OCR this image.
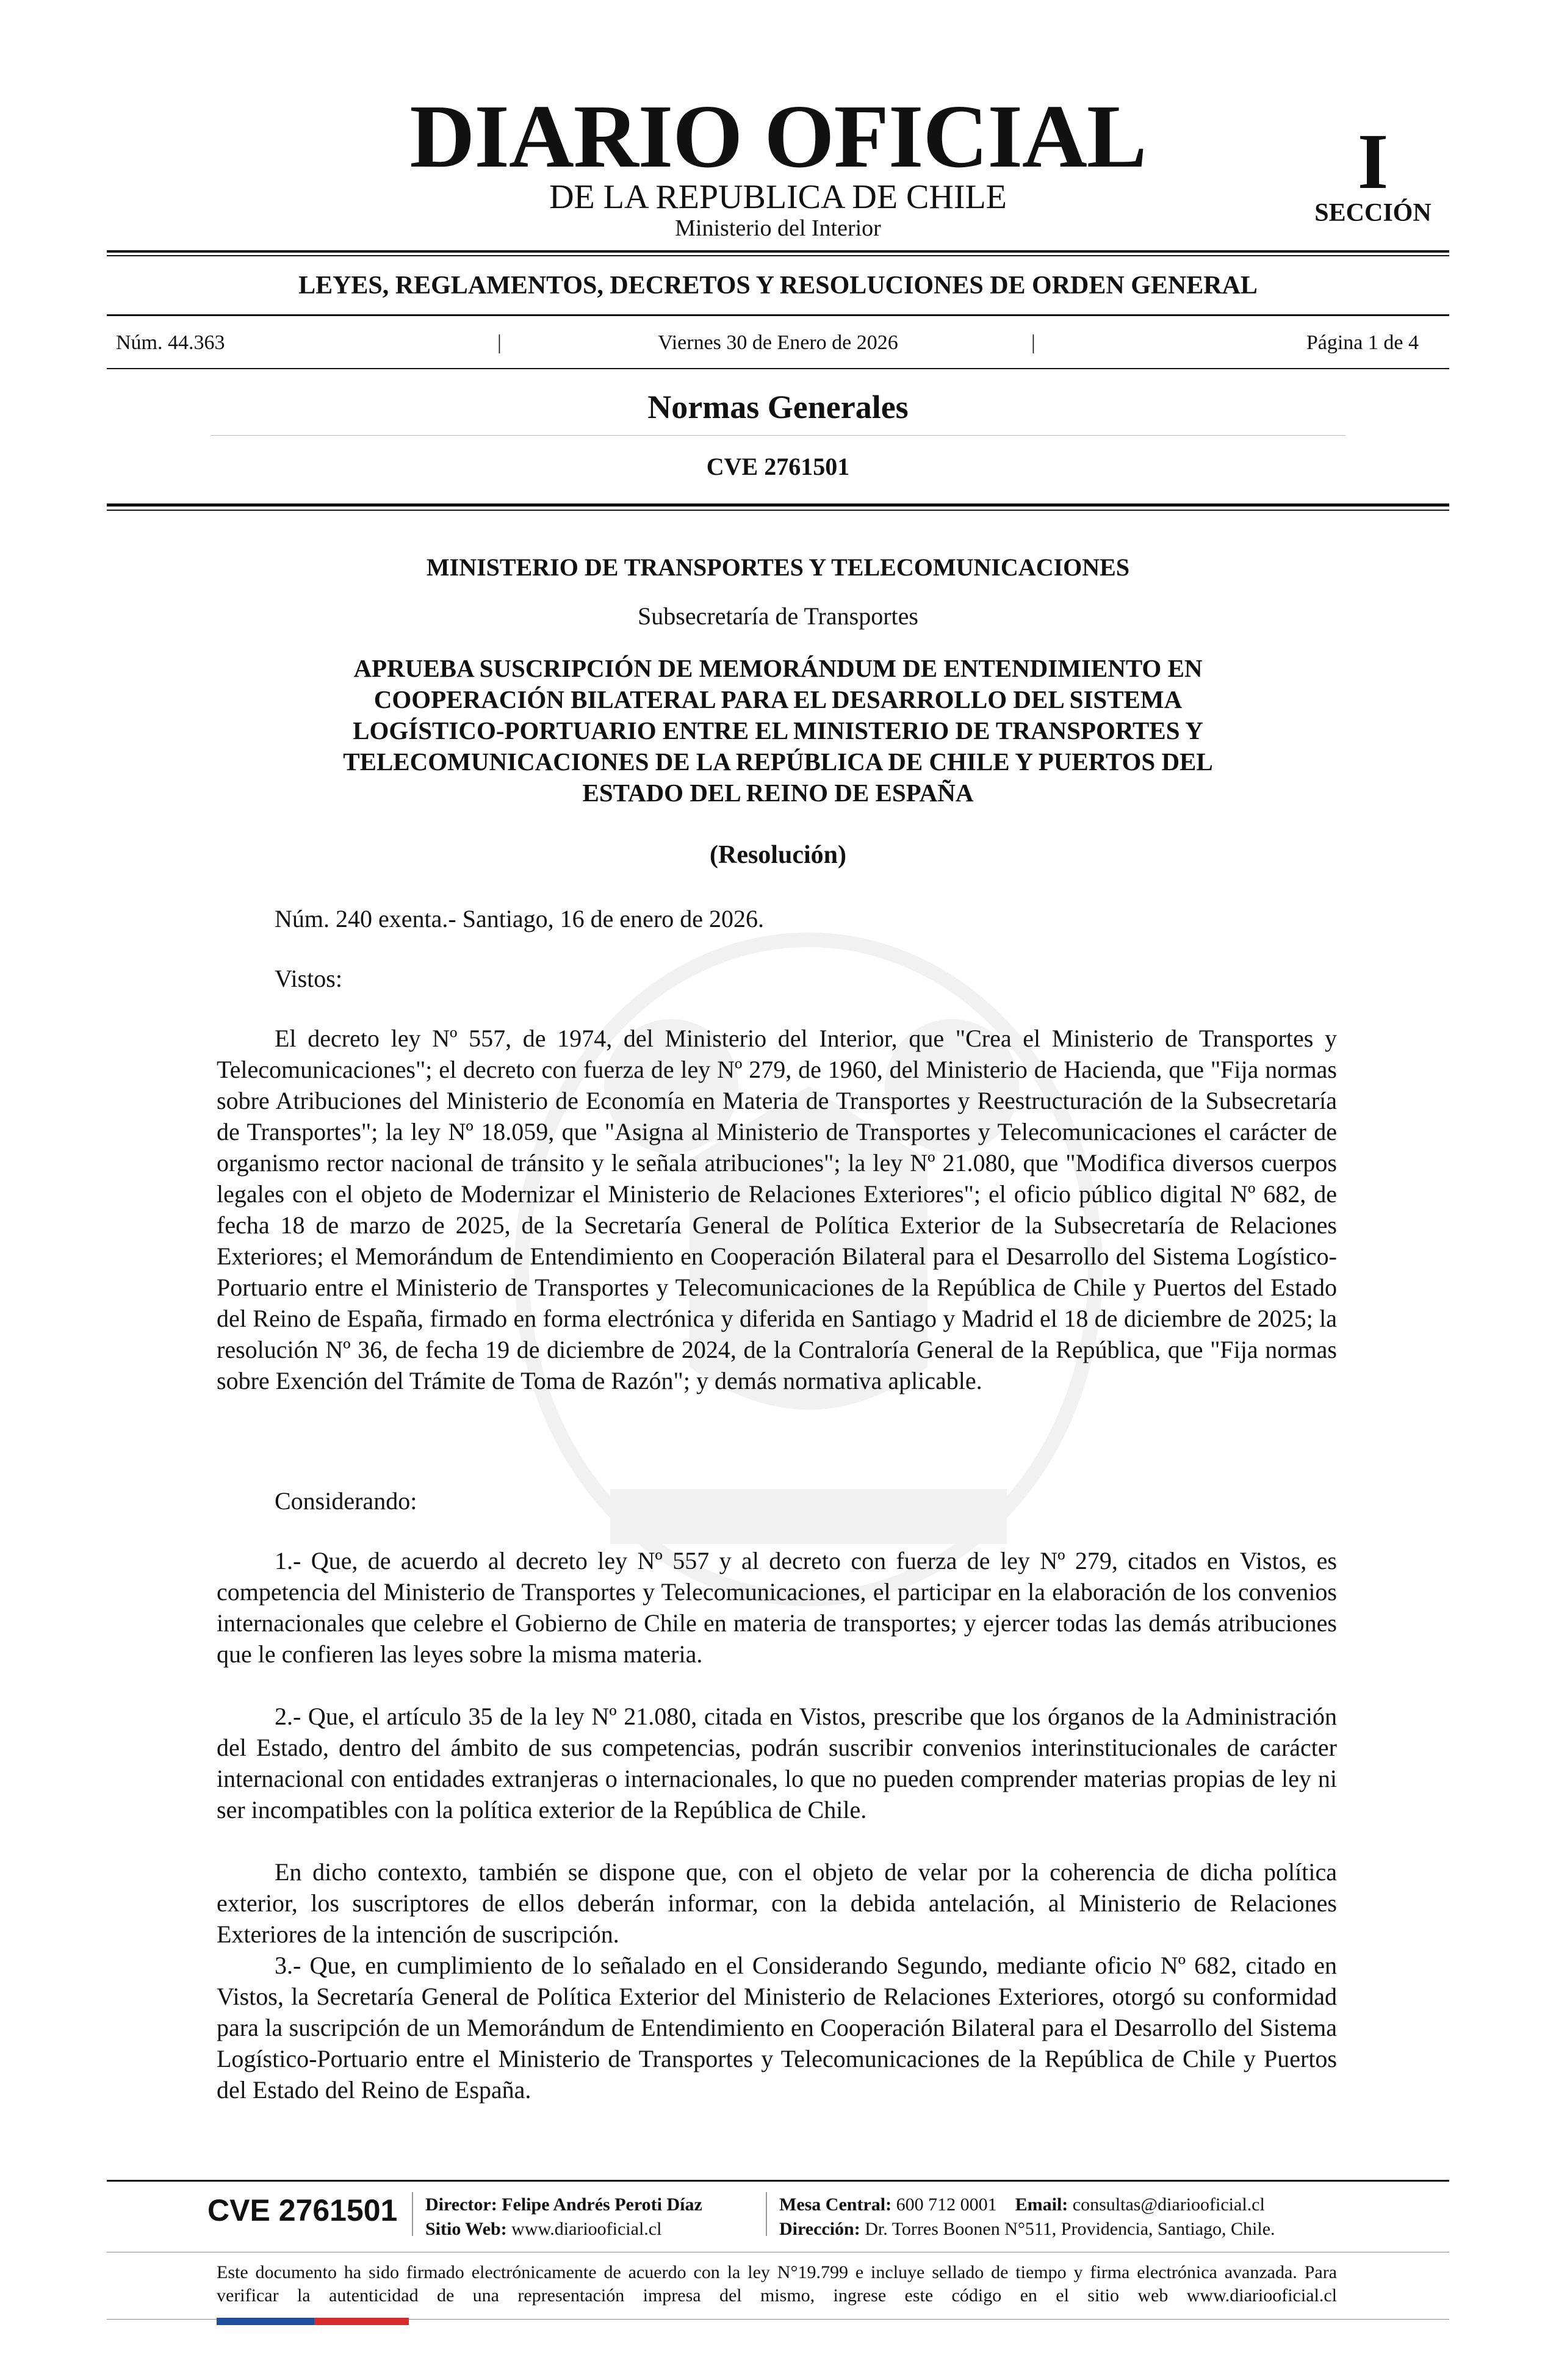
DIARIO OFICIAL
DE LA REPUBLICA DE CHILE
Ministerio del Interior
I
SECCIÓN
LEYES, REGLAMENTOS, DECRETOS Y RESOLUCIONES DE ORDEN GENERAL
Núm. 44.363	|	Viernes 30 de Enero de 2026	|	Página 1 de 4
Normas Generales
CVE 2761501
MINISTERIO DE TRANSPORTES Y TELECOMUNICACIONES
Subsecretaría de Transportes
APRUEBA SUSCRIPCIÓN DE MEMORÁNDUM DE ENTENDIMIENTO EN
COOPERACIÓN BILATERAL PARA EL DESARROLLO DEL SISTEMA
LOGÍSTICO-PORTUARIO ENTRE EL MINISTERIO DE TRANSPORTES Y
TELECOMUNICACIONES DE LA REPÚBLICA DE CHILE Y PUERTOS DEL
ESTADO DEL REINO DE ESPAÑA
(Resolución)
Núm. 240 exenta.- Santiago, 16 de enero de 2026.
Vistos:
El decreto ley Nº 557, de 1974, del Ministerio del Interior, que "Crea el Ministerio de Transportes y Telecomunicaciones"; el decreto con fuerza de ley Nº 279, de 1960, del Ministerio de Hacienda, que "Fija normas sobre Atribuciones del Ministerio de Economía en Materia de Transportes y Reestructuración de la Subsecretaría de Transportes"; la ley Nº 18.059, que "Asigna al Ministerio de Transportes y Telecomunicaciones el carácter de organismo rector nacional de tránsito y le señala atribuciones"; la ley Nº 21.080, que "Modifica diversos cuerpos legales con el objeto de Modernizar el Ministerio de Relaciones Exteriores"; el oficio público digital Nº 682, de fecha 18 de marzo de 2025, de la Secretaría General de Política Exterior de la Subsecretaría de Relaciones Exteriores; el Memorándum de Entendimiento en Cooperación Bilateral para el Desarrollo del Sistema Logístico-Portuario entre el Ministerio de Transportes y Telecomunicaciones de la República de Chile y Puertos del Estado del Reino de España, firmado en forma electrónica y diferida en Santiago y Madrid el 18 de diciembre de 2025; la resolución Nº 36, de fecha 19 de diciembre de 2024, de la Contraloría General de la República, que "Fija normas sobre Exención del Trámite de Toma de Razón"; y demás normativa aplicable.
Considerando:
1.- Que, de acuerdo al decreto ley Nº 557 y al decreto con fuerza de ley Nº 279, citados en Vistos, es competencia del Ministerio de Transportes y Telecomunicaciones, el participar en la elaboración de los convenios internacionales que celebre el Gobierno de Chile en materia de transportes; y ejercer todas las demás atribuciones que le confieren las leyes sobre la misma materia.
2.- Que, el artículo 35 de la ley Nº 21.080, citada en Vistos, prescribe que los órganos de la Administración del Estado, dentro del ámbito de sus competencias, podrán suscribir convenios interinstitucionales de carácter internacional con entidades extranjeras o internacionales, lo que no pueden comprender materias propias de ley ni ser incompatibles con la política exterior de la República de Chile.
En dicho contexto, también se dispone que, con el objeto de velar por la coherencia de dicha política exterior, los suscriptores de ellos deberán informar, con la debida antelación, al Ministerio de Relaciones Exteriores de la intención de suscripción.
3.- Que, en cumplimiento de lo señalado en el Considerando Segundo, mediante oficio Nº 682, citado en Vistos, la Secretaría General de Política Exterior del Ministerio de Relaciones Exteriores, otorgó su conformidad para la suscripción de un Memorándum de Entendimiento en Cooperación Bilateral para el Desarrollo del Sistema Logístico-Portuario entre el Ministerio de Transportes y Telecomunicaciones de la República de Chile y Puertos del Estado del Reino de España.
CVE 2761501 Director: Felipe Andrés Peroti Díaz
Sitio Web: www.diariooficial.cl
Mesa Central: 600 712 0001 Email: consultas@diariooficial.cl
Dirección: Dr. Torres Boonen N°511, Providencia, Santiago, Chile.
Este documento ha sido firmado electrónicamente de acuerdo con la ley N°19.799 e incluye sellado de tiempo y firma electrónica avanzada. Para verificar la autenticidad de una representación impresa del mismo, ingrese este código en el sitio web www.diariooficial.cl
